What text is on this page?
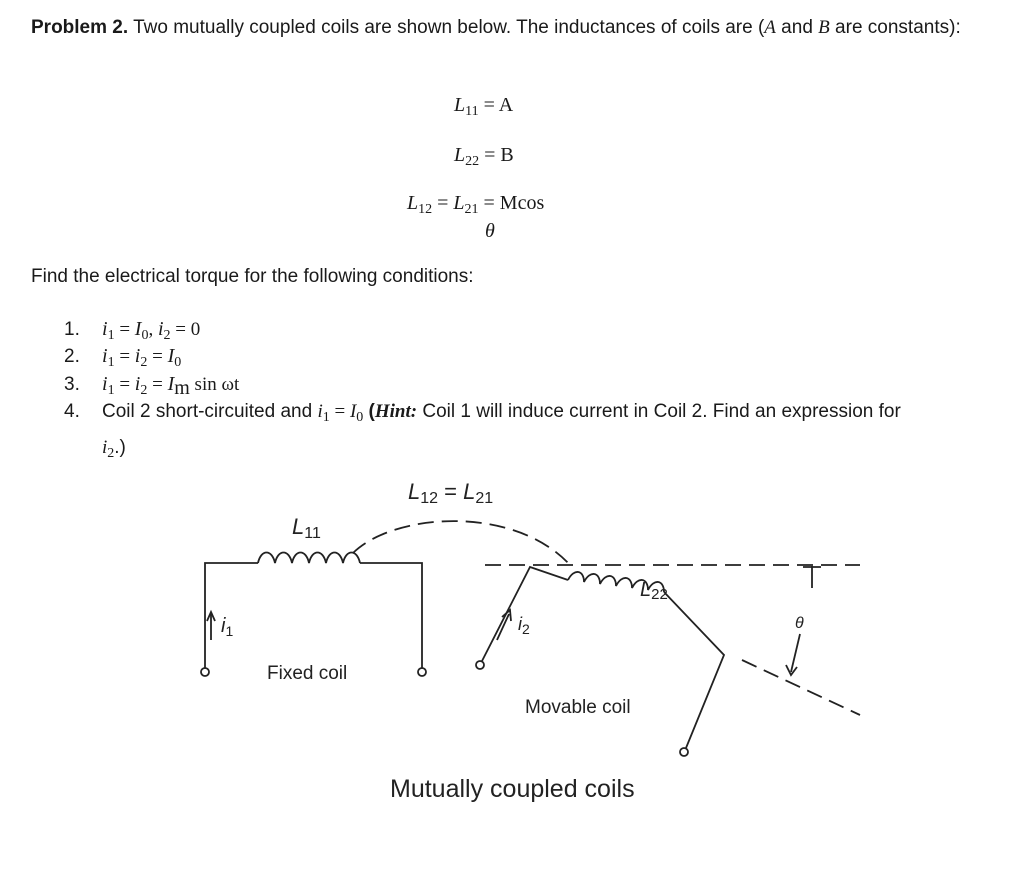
Problem 2. Two mutually coupled coils are shown below. The inductances of coils are (A and B are constants):
$L_{11} = A$
$L_{22} = B$
$L_{12} = L_{21} = Mcos$
θ
Find the electrical torque for the following conditions:
1. $i_1 = I_0$, $i_2 = 0$
2. $i_1 = i_2 = I_0$
3. $i_1 = i_2 = Im$ sin ωt
4. Coil 2 short-circuited and $i_1 = I_0$ (Hint: Coil 1 will induce current in Coil 2. Find an expression for
$i_2$.)
L12 = L21
L11
L22
$i_1$	$i_2$	θ
Fixed coil
Movable coil
Mutually coupled coils
